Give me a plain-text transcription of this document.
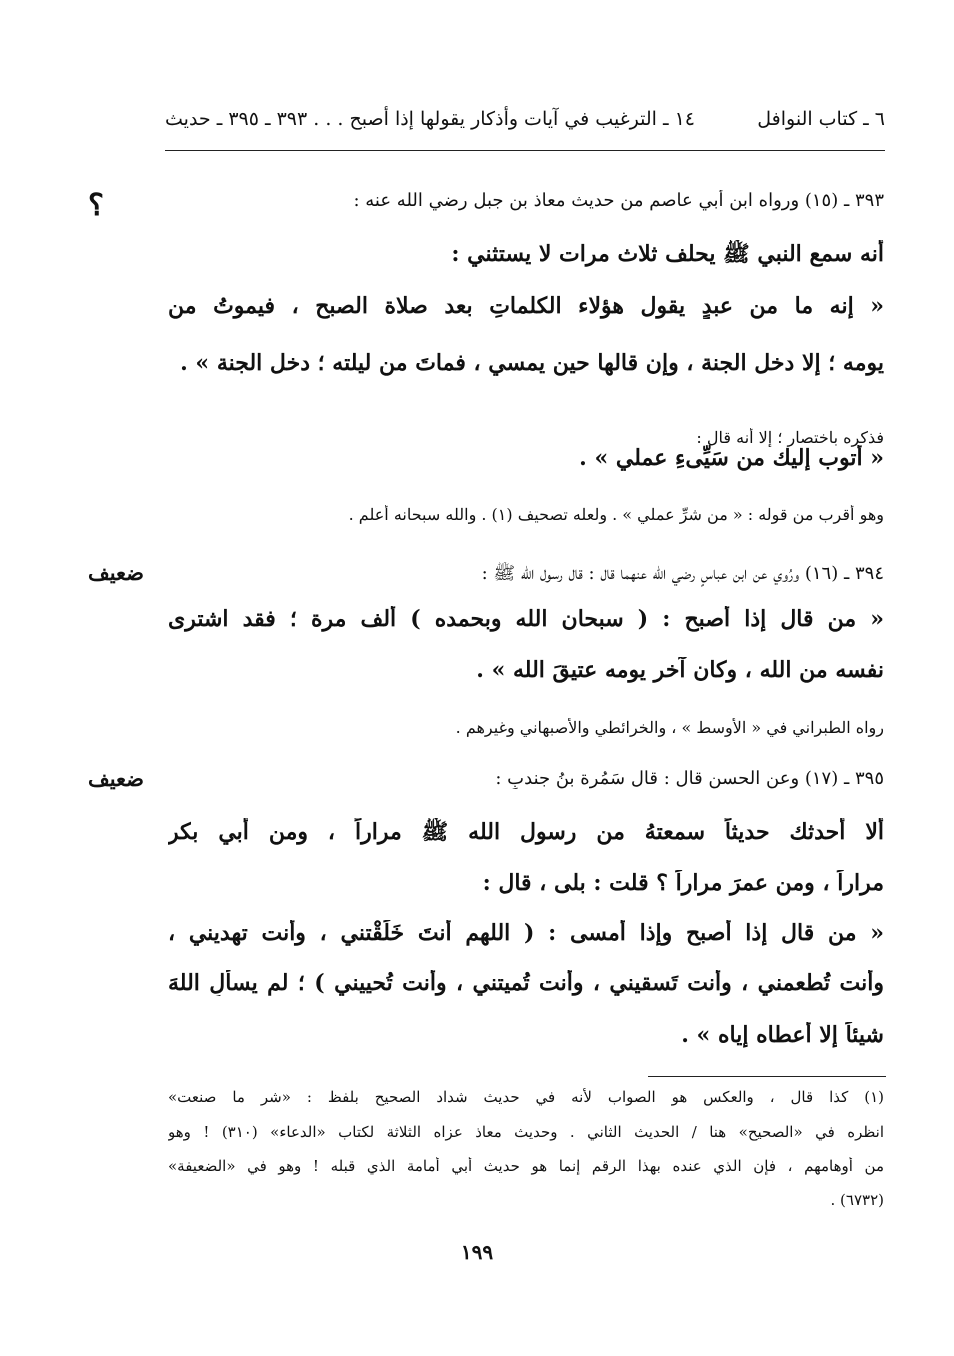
٦ ـ كتاب النوافل
١٤ ـ الترغيب في آيات وأذكار يقولها إذا أصبح . . . ٣٩٣ ـ ٣٩٥ ـ حديث
؟
ضعيف
ضعيف
٣٩٣ ـ (١٥) ورواه ابن أبي عاصم من حديث معاذ بن جبل رضي الله عنه :
أنه سمع النبي ﷺ يحلف ثلاث مرات لا يستثني :
« إنه ما من عبدٍ يقول هؤلاء الكلماتِ بعد صلاة الصبح ، فيموتُ من
يومه ؛ إلا دخل الجنة ، وإن قالها حين يمسي ، فماتَ من ليلته ؛ دخل الجنة » .
فذكره باختصار ؛ إلا أنه قال :
« أتوب إليك من سَيِّىءِ عملي » .
وهو أقرب من قوله : « من شرِّ عملي » . ولعله تصحيف (١) . والله سبحانه أعلم .
٣٩٤ ـ (١٦) ورُوي عن ابن عباسٍ رضي الله عنهما قال : قال رسول الله ﷺ :
« من قال إذا أَصبح : ( سبحان الله وبحمده ) ألف مرة ؛ فقد اشترى
نفسه من الله ، وكان آخر يومه عتيقَ الله » .
رواه الطبراني في « الأوسط » ، والخرائطي والأصبهاني وغيرهم .
٣٩٥ ـ (١٧) وعن الحسن قال : قال سَمُرة بنُ جندبٍ :
ألا أحدثك حديثاً سمعتهُ من رسول الله ﷺ مراراً ، ومن أبي بكر
مراراً ، ومن عمرَ مراراً ؟ قلت : بلى ، قال :
« من قال إذا أصبح وإذا أمسى : ( اللهم أَنتَ خَلَقْتني ، وأَنت تهديني ،
وأنت تُطعمني ، وأنت تَسقيني ، وأنت تُميتني ، وأنت تُحييني ) ؛ لم يسأَلِ اللهَ
شيئاً إلا أَعطاه إياه » .
(١) كذا قال ، والعكس هو الصواب لأنه في حديث شداد الصحيح بلفظ : «شر ما صنعت»
انظره في «الصحيح» هنا / الحديث الثاني . وحديث معاذ عزاه الثلاثة لكتاب «الدعاء» (٣١٠) ! وهو
من أوهامهم ، فإن الذي عنده بهذا الرقم إنما هو حديث أبي أمامة الذي قبله ! وهو في «الضعيفة»
(٦٧٣٢) .
١٩٩
